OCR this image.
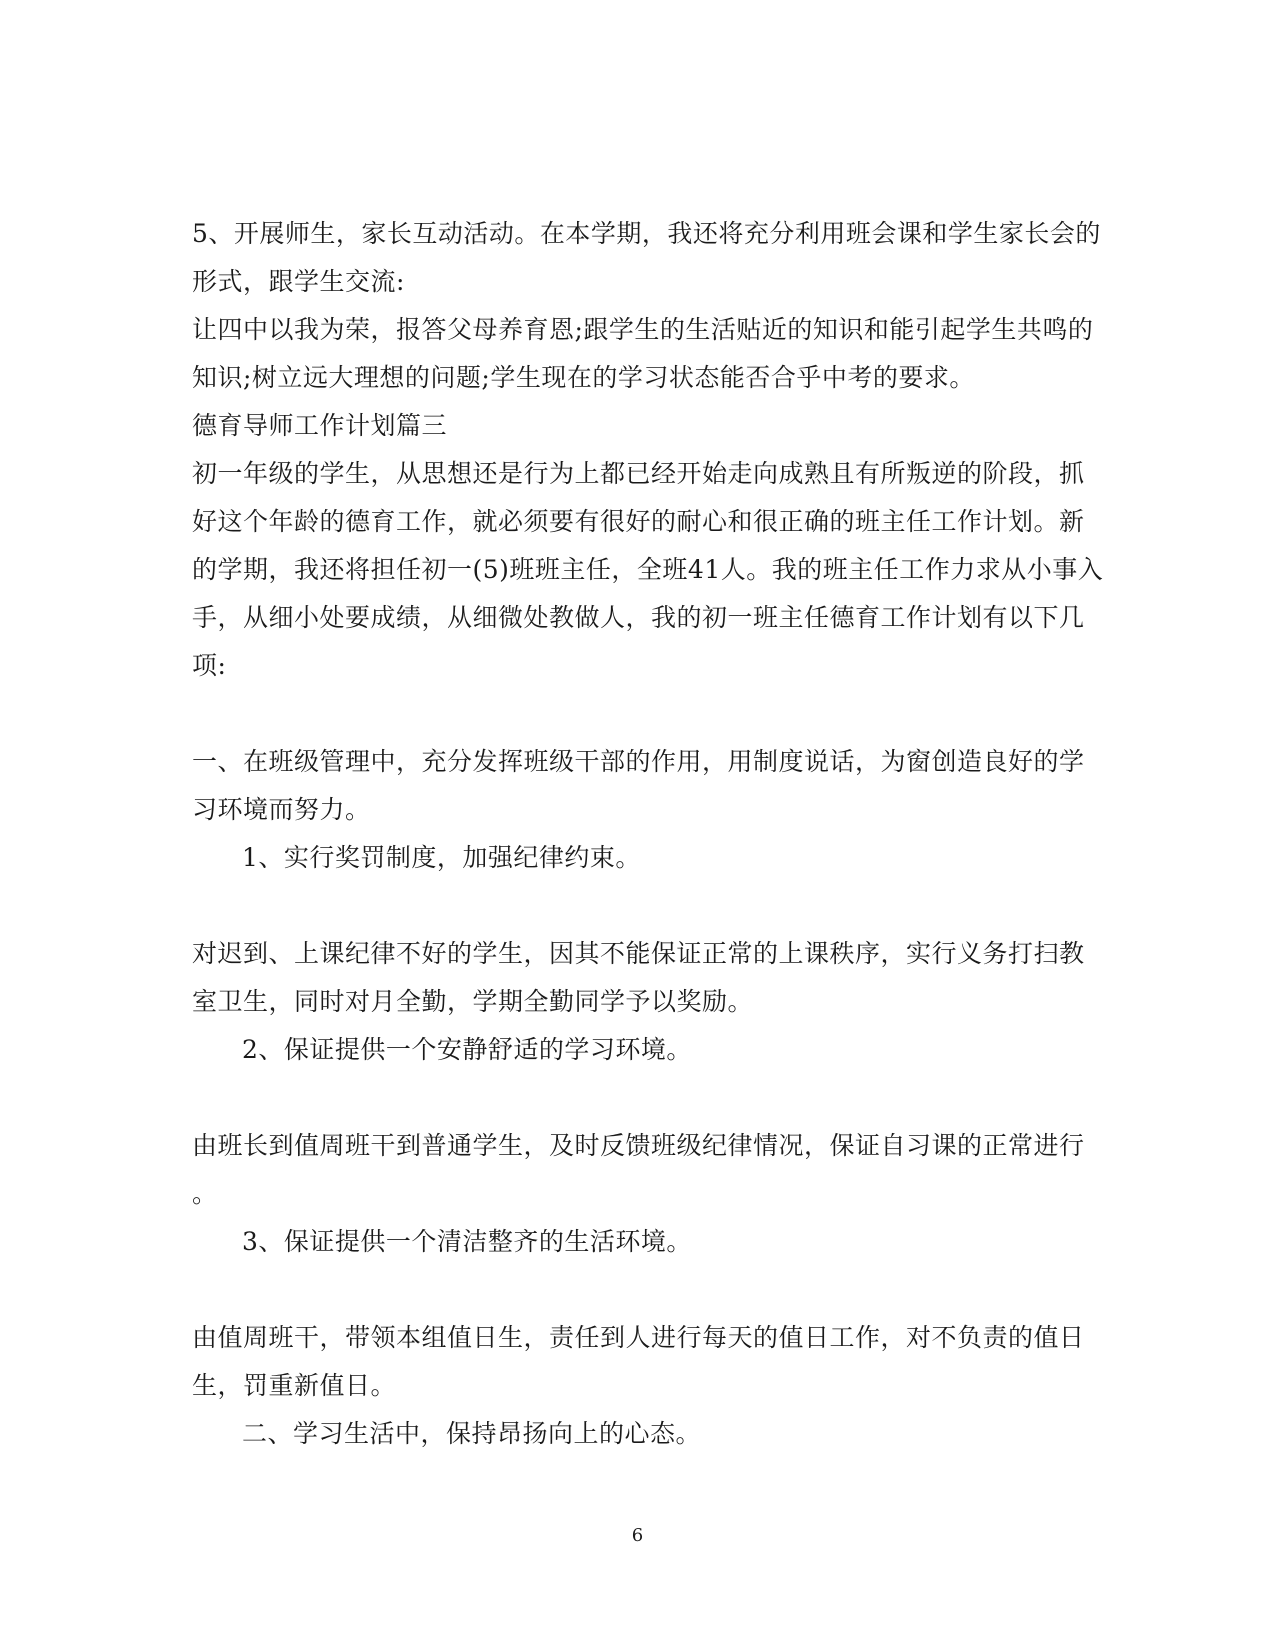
5、开展师生，家长互动活动。在本学期，我还将充分利用班会课和学生家长会的
形式，跟学生交流:
让四中以我为荣，报答父母养育恩;跟学生的生活贴近的知识和能引起学生共鸣的
知识;树立远大理想的问题;学生现在的学习状态能否合乎中考的要求。
德育导师工作计划篇三
初一年级的学生，从思想还是行为上都已经开始走向成熟且有所叛逆的阶段，抓
好这个年龄的德育工作，就必须要有很好的耐心和很正确的班主任工作计划。新
的学期，我还将担任初一(5)班班主任，全班41人。我的班主任工作力求从小事入
手，从细小处要成绩，从细微处教做人，我的初一班主任德育工作计划有以下几
项:
一、在班级管理中，充分发挥班级干部的作用，用制度说话，为窗创造良好的学
习环境而努力。
1、实行奖罚制度，加强纪律约束。
对迟到、上课纪律不好的学生，因其不能保证正常的上课秩序，实行义务打扫教
室卫生，同时对月全勤，学期全勤同学予以奖励。
2、保证提供一个安静舒适的学习环境。
由班长到值周班干到普通学生，及时反馈班级纪律情况，保证自习课的正常进行
。
3、保证提供一个清洁整齐的生活环境。
由值周班干，带领本组值日生，责任到人进行每天的值日工作，对不负责的值日
生，罚重新值日。
二、学习生活中，保持昂扬向上的心态。
6
